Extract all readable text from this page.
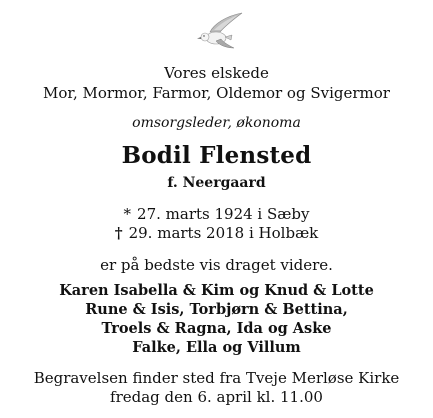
Vores elskede
Mor, Mormor, Farmor, Oldemor og Svigermor
omsorgsleder, økonoma
Bodil Flensted
f. Neergaard
* 27. marts 1924 i Sæby
† 29. marts 2018 i Holbæk
er på bedste vis draget videre.
Karen Isabella & Kim og Knud & Lotte
Rune & Isis, Torbjørn & Bettina,
Troels & Ragna, Ida og Aske
Falke, Ella og Villum
Begravelsen finder sted fra Tveje Merløse Kirke
fredag den 6. april kl. 11.00
